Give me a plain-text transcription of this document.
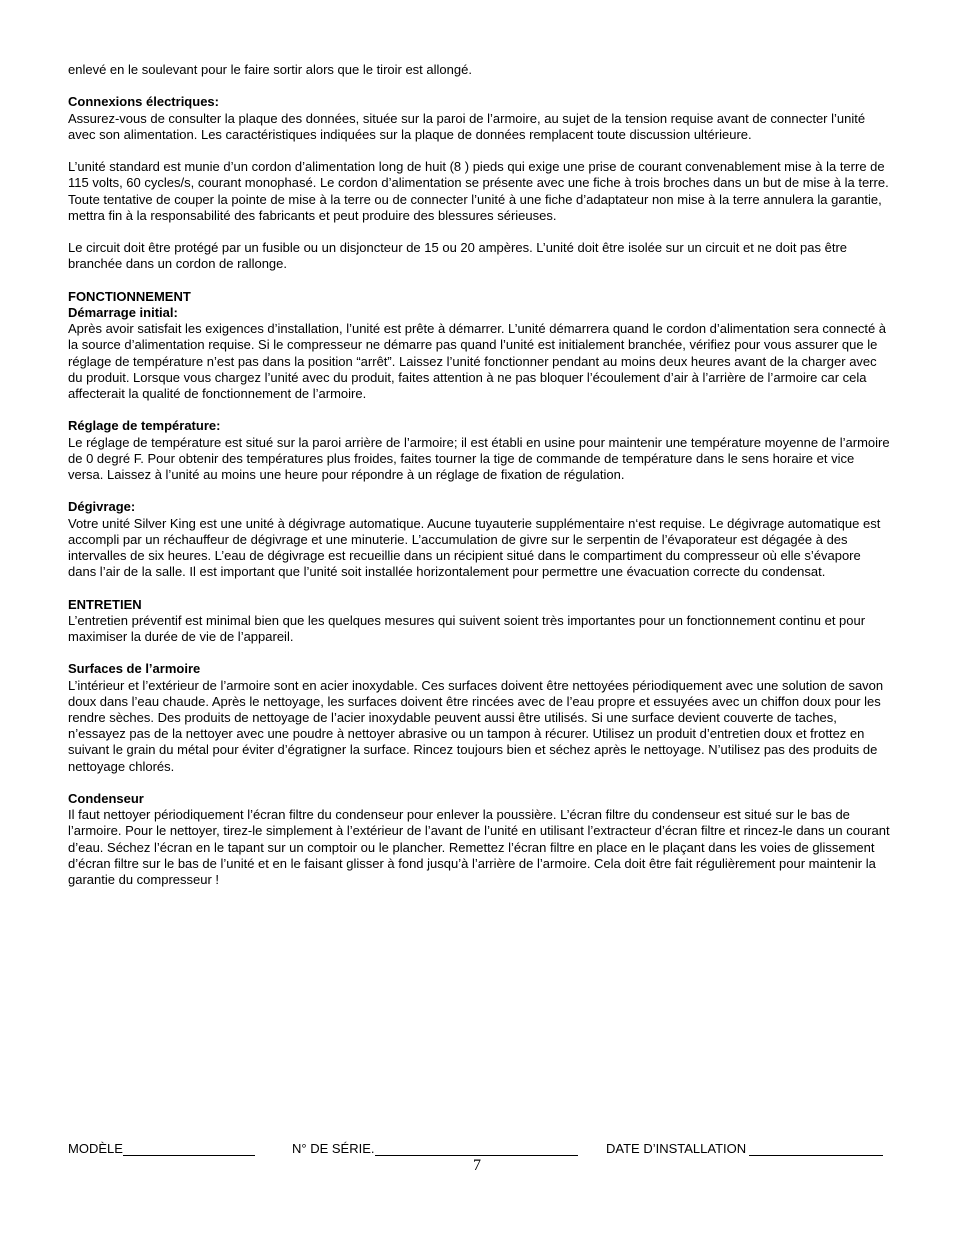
enlevé en le soulevant pour le faire sortir alors que le tiroir est allongé.

Connexions électriques:

Assurez-vous de consulter la plaque des données, située sur la paroi de l’armoire, au sujet de la tension requise avant de connecter l’unité avec son alimentation. Les caractéristiques indiquées sur la plaque de données remplacent toute discussion ultérieure.

L’unité standard est munie d’un cordon d’alimentation long de huit (8 ) pieds qui exige une prise de courant convenablement mise à la terre de 115 volts, 60 cycles/s, courant monophasé. Le cordon d’alimentation se présente avec une fiche à trois broches dans un but de mise à la terre. Toute tentative de couper la pointe de mise à la terre ou de connecter l’unité à une fiche d’adaptateur non mise à la terre annulera la garantie, mettra fin à la responsabilité des fabricants et peut produire des blessures sérieuses.

Le circuit doit être protégé par un fusible ou un disjoncteur de 15 ou 20 ampères. L’unité doit être isolée sur un circuit et ne doit pas être branchée dans un cordon de rallonge.

FONCTIONNEMENT

Démarrage initial:

Après avoir satisfait les exigences d’installation, l’unité est prête à démarrer. L’unité démarrera quand le cordon d’alimentation sera connecté à la source d’alimentation requise. Si le compresseur ne démarre pas quand l’unité est initialement branchée, vérifiez pour vous assurer que le réglage de température n’est pas dans la position “arrêt”. Laissez l’unité fonctionner pendant au moins deux heures avant de la charger avec du produit. Lorsque vous chargez l’unité avec du produit, faites attention à ne pas bloquer l’écoulement d’air à l’arrière de l’armoire car cela affecterait la qualité de fonctionnement de l’armoire.

Réglage de température:

Le réglage de température est situé sur la paroi arrière de l’armoire; il est établi en usine pour maintenir une température moyenne de l’armoire de 0 degré F. Pour obtenir des températures plus froides, faites tourner la tige de commande de température dans le sens horaire et vice versa. Laissez à l’unité au moins une heure pour répondre à un réglage de fixation de régulation.

Dégivrage:

Votre unité Silver King est une unité à dégivrage automatique. Aucune tuyauterie supplémentaire n‘est requise. Le dégivrage automatique est accompli par un réchauffeur de dégivrage et une minuterie. L’accumulation de givre sur le serpentin de l’évaporateur est dégagée à des intervalles de six heures. L’eau de dégivrage est recueillie dans un récipient situé dans le compartiment du compresseur où elle s’évapore dans l’air de la salle. Il est important que l’unité soit installée horizontalement pour permettre une évacuation correcte du condensat.

ENTRETIEN

L’entretien préventif est minimal bien que les quelques mesures qui suivent soient très importantes pour un fonctionnement continu et pour maximiser la durée de vie de l’appareil.

Surfaces de l’armoire

L’intérieur et l’extérieur de l’armoire sont en acier inoxydable. Ces surfaces doivent être nettoyées périodiquement avec une solution de savon doux dans l’eau chaude. Après le nettoyage, les surfaces doivent être rincées avec de l’eau propre et essuyées avec un chiffon doux pour les rendre sèches. Des produits de nettoyage de l’acier inoxydable peuvent aussi être utilisés. Si une surface devient couverte de taches, n’essayez pas de la nettoyer avec une poudre à nettoyer abrasive ou un tampon à récurer. Utilisez un produit d’entretien doux et frottez en suivant le grain du métal pour éviter d’égratigner la surface. Rincez toujours bien et séchez après le nettoyage. N’utilisez pas des produits de nettoyage chlorés.

Condenseur

Il faut nettoyer périodiquement l’écran filtre du condenseur pour enlever la poussière. L’écran filtre du condenseur est situé sur le bas de l’armoire. Pour le nettoyer, tirez-le simplement à l’extérieur de l’avant de l’unité en utilisant l’extracteur d’écran filtre et rincez-le dans un courant d’eau. Séchez l’écran en le tapant sur un comptoir ou le plancher. Remettez l’écran filtre en place en le plaçant dans les voies de glissement d’écran filtre sur le bas de l’unité et en le faisant glisser à fond jusqu’à l’arrière de l’armoire. Cela doit être fait régulièrement pour maintenir la garantie du compresseur !

MODÈLE	N° DE SÉRIE.	DATE D’INSTALLATION
7
